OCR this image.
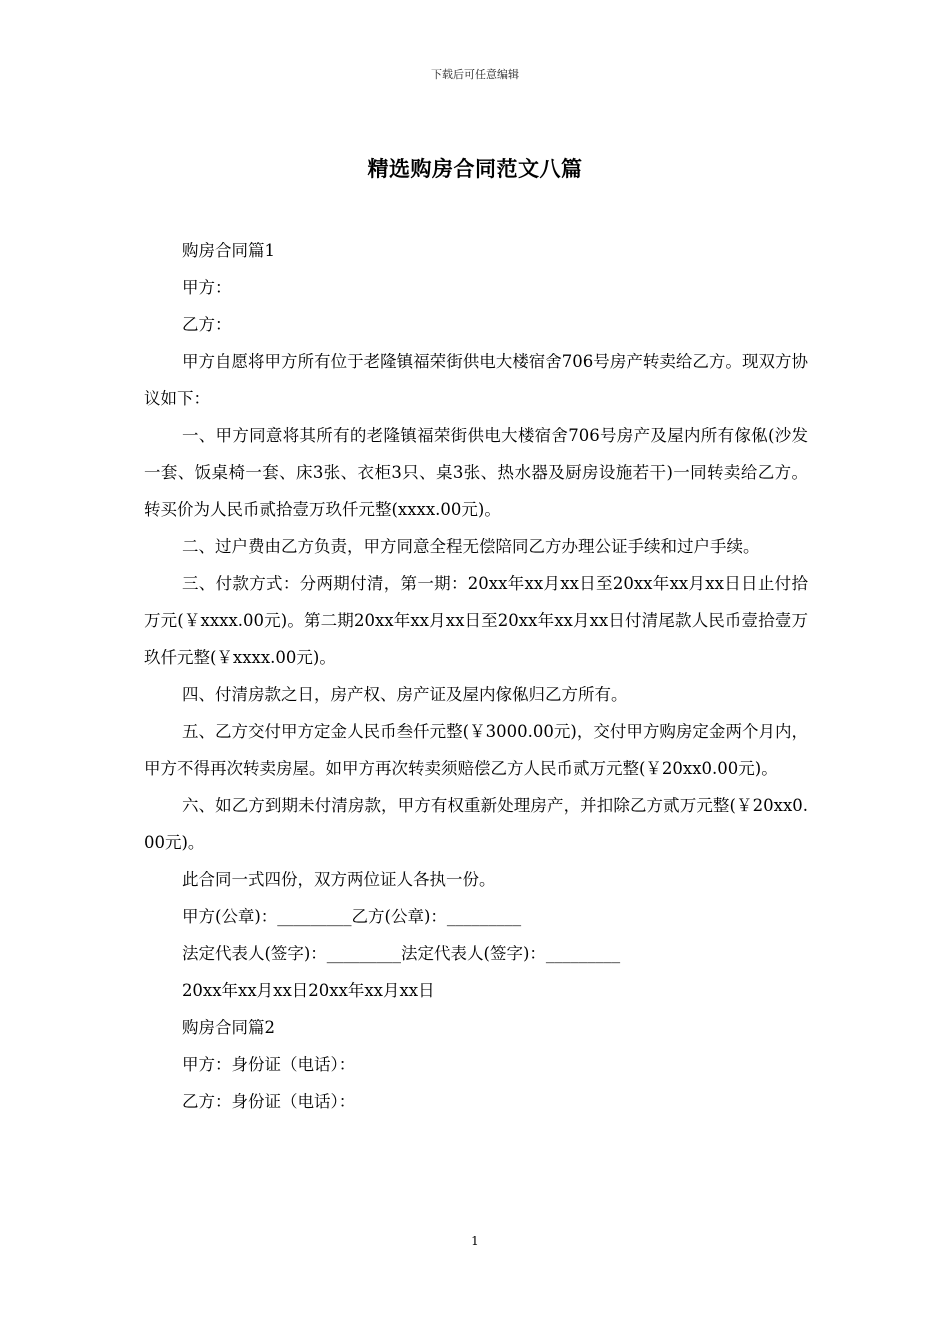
下载后可任意编辑
精选购房合同范文八篇

购房合同篇1

甲方：

乙方：

甲方自愿将甲方所有位于老隆镇福荣街供电大楼宿舍706号房产转卖给乙方。现双方协议如下：

一、甲方同意将其所有的老隆镇福荣街供电大楼宿舍706号房产及屋内所有傢俬(沙发一套、饭桌椅一套、床3张、衣柜3只、桌3张、热水器及厨房设施若干)一同转卖给乙方。转买价为人民币贰拾壹万玖仟元整(xxxx.00元)。

二、过户费由乙方负责，甲方同意全程无偿陪同乙方办理公证手续和过户手续。

三、付款方式：分两期付清，第一期：20xx年xx月xx日至20xx年xx月xx日日止付拾万元(￥xxxx.00元)。第二期20xx年xx月xx日至20xx年xx月xx日付清尾款人民币壹拾壹万玖仟元整(￥xxxx.00元)。

四、付清房款之日，房产权、房产证及屋内傢俬归乙方所有。

五、乙方交付甲方定金人民币叁仟元整(￥3000.00元)，交付甲方购房定金两个月内，甲方不得再次转卖房屋。如甲方再次转卖须赔偿乙方人民币贰万元整(￥20xx0.00元)。

六、如乙方到期未付清房款，甲方有权重新处理房产，并扣除乙方贰万元整(￥20xx0.00元)。

此合同一式四份，双方两位证人各执一份。

甲方(公章)：_________乙方(公章)：_________

法定代表人(签字)：_________法定代表人(签字)：_________

20xx年xx月xx日20xx年xx月xx日

购房合同篇2

甲方：身份证（电话）：

乙方：身份证（电话）：

1
